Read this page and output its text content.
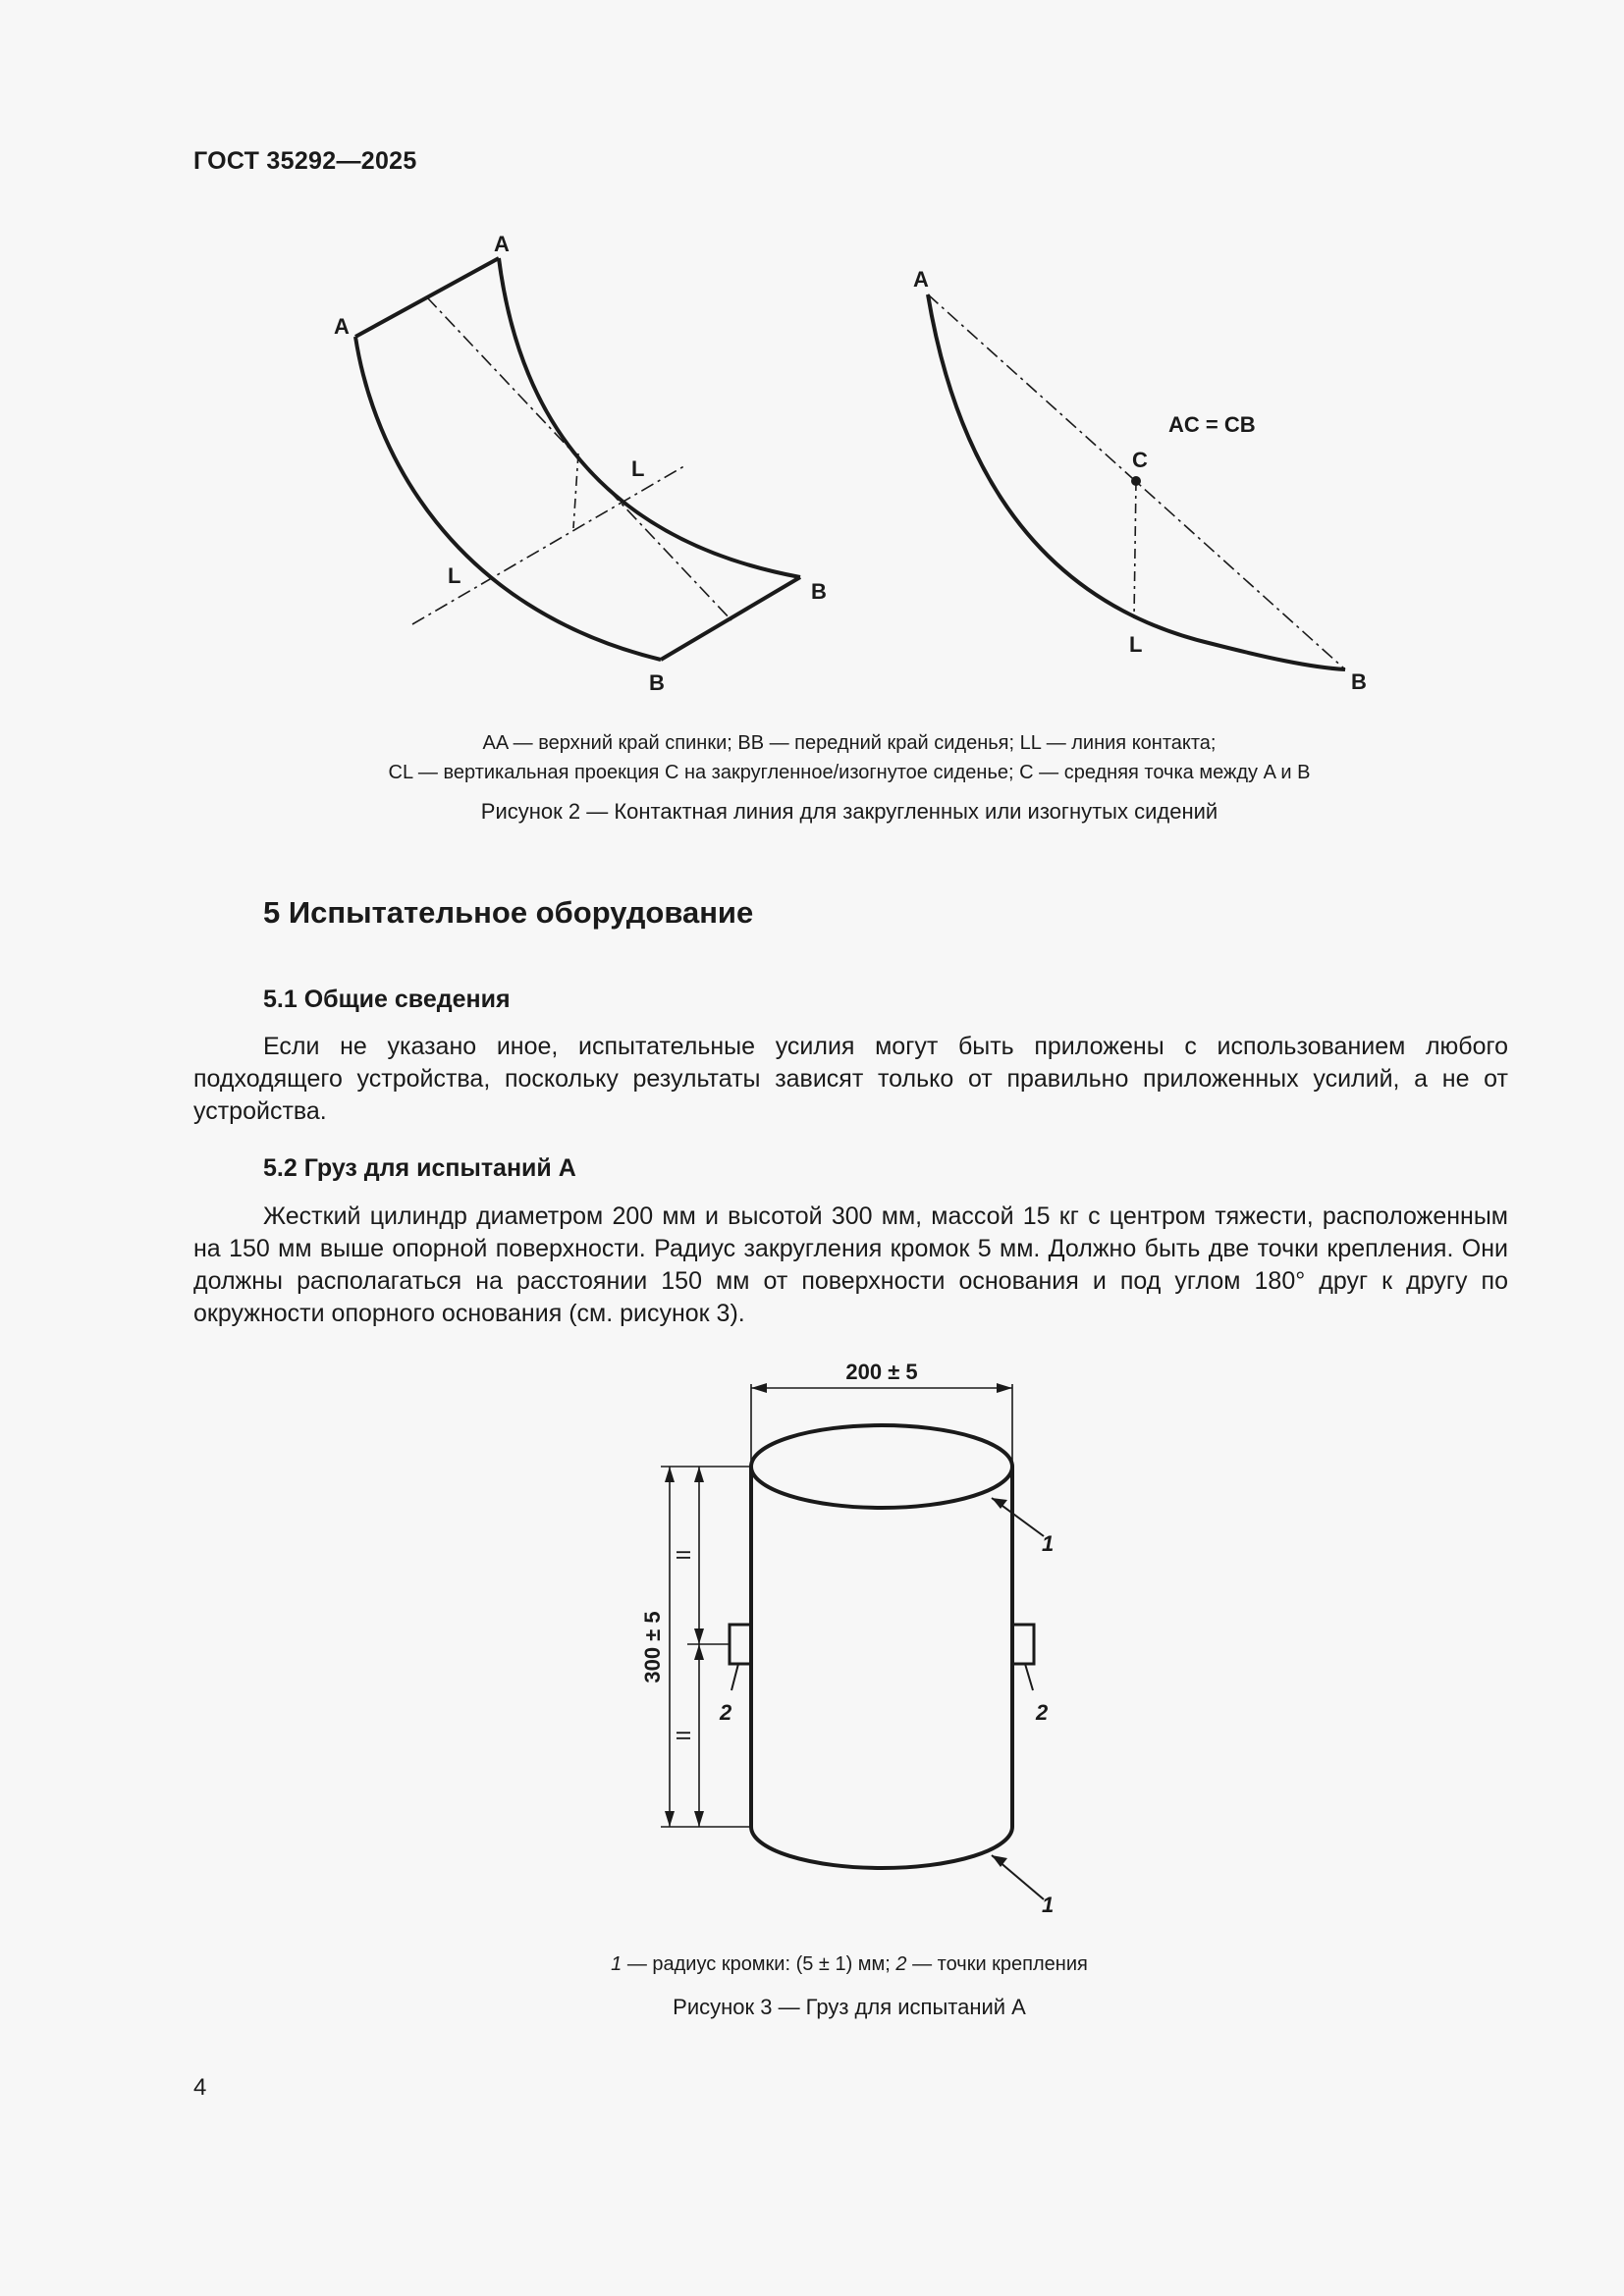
ГОСТ 35292—2025
A
A
L
L
B
B
A
AC = CB
C
L
B
AA — верхний край спинки; BB — передний край сиденья; LL — линия контакта;
CL — вертикальная проекция C на закругленное/изогнутое сиденье; C — средняя точка между A и B
Рисунок 2 — Контактная линия для закругленных или изогнутых сидений
5 Испытательное оборудование
5.1 Общие сведения

Если не указано иное, испытательные усилия могут быть приложены с использованием любого подходящего устройства, поскольку результаты зависят только от правильно приложенных усилий, а не от устройства.

5.2 Груз для испытаний А

Жесткий цилиндр диаметром 200 мм и высотой 300 мм, массой 15 кг с центром тяжести, расположенным на 150 мм выше опорной поверхности. Радиус закругления кромок 5 мм. Должно быть две точки крепления. Они должны располагаться на расстоянии 150 мм от поверхности основания и под углом 180° друг к другу по окружности опорного основания (см. рисунок 3).

200 ± 5
300 ± 5
II
II
1
1
2	2
1 — радиус кромки: (5 ± 1) мм; 2 — точки крепления
Рисунок 3 — Груз для испытаний А
4
